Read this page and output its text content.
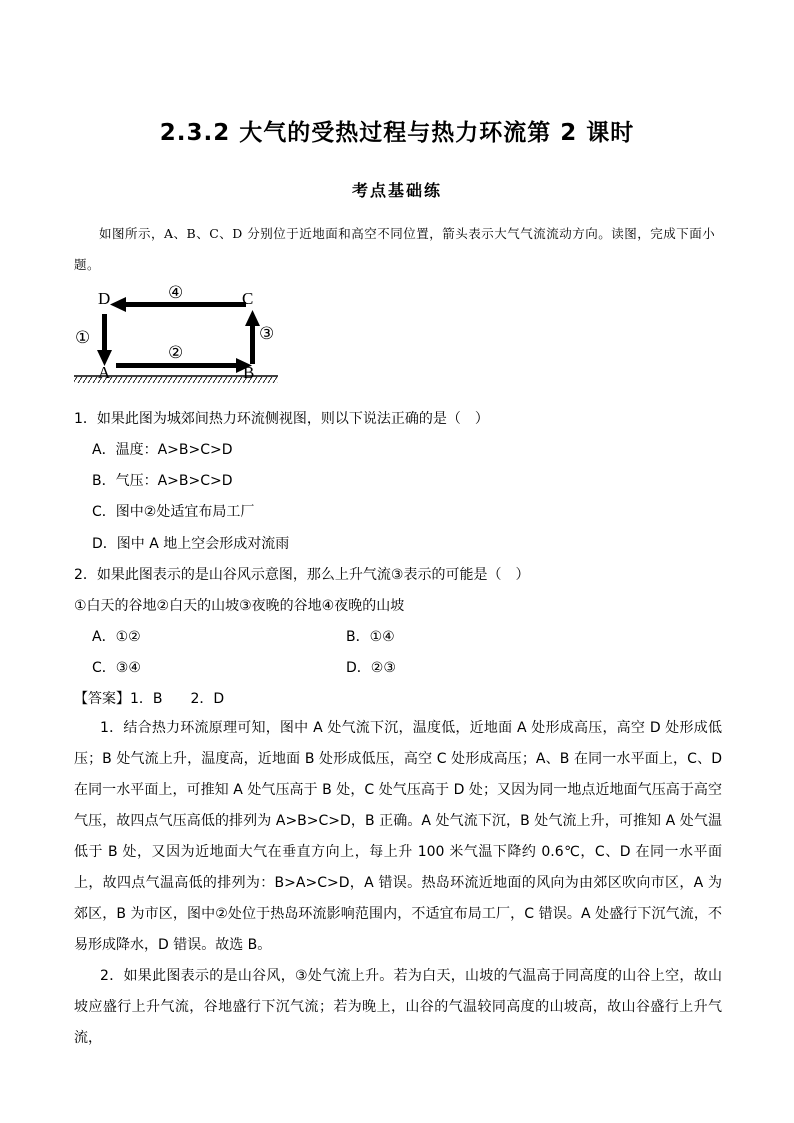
2.3.2 大气的受热过程与热力环流第 2 课时
考点基础练
如图所示，A、B、C、D 分别位于近地面和高空不同位置，箭头表示大气气流流动方向。读图，完成下面小题。
D	C
A	B
④
②
①	③
1．如果此图为城郊间热力环流侧视图，则以下说法正确的是（　）
A．温度：A>B>C>D
B．气压：A>B>C>D
C．图中②处适宜布局工厂
D．图中 A 地上空会形成对流雨
2．如果此图表示的是山谷风示意图，那么上升气流③表示的可能是（　）
①白天的谷地②白天的山坡③夜晚的谷地④夜晚的山坡
A．①②	B．①④
C．③④	D．②③
【答案】1．B　　2．D
1．结合热力环流原理可知，图中 A 处气流下沉，温度低，近地面 A 处形成高压，高空 D 处形成低压；B 处气流上升，温度高，近地面 B 处形成低压，高空 C 处形成高压；A、B 在同一水平面上，C、D 在同一水平面上，可推知 A 处气压高于 B 处，C 处气压高于 D 处；又因为同一地点近地面气压高于高空气压，故四点气压高低的排列为 A>B>C>D，B 正确。A 处气流下沉，B 处气流上升，可推知 A 处气温低于 B 处，又因为近地面大气在垂直方向上，每上升 100 米气温下降约 0.6℃，C、D 在同一水平面上，故四点气温高低的排列为：B>A>C>D，A 错误。热岛环流近地面的风向为由郊区吹向市区，A 为郊区，B 为市区，图中②处位于热岛环流影响范围内，不适宜布局工厂，C 错误。A 处盛行下沉气流，不易形成降水，D 错误。故选 B。
2．如果此图表示的是山谷风，③处气流上升。若为白天，山坡的气温高于同高度的山谷上空，故山坡应盛行上升气流，谷地盛行下沉气流；若为晚上，山谷的气温较同高度的山坡高，故山谷盛行上升气流，
